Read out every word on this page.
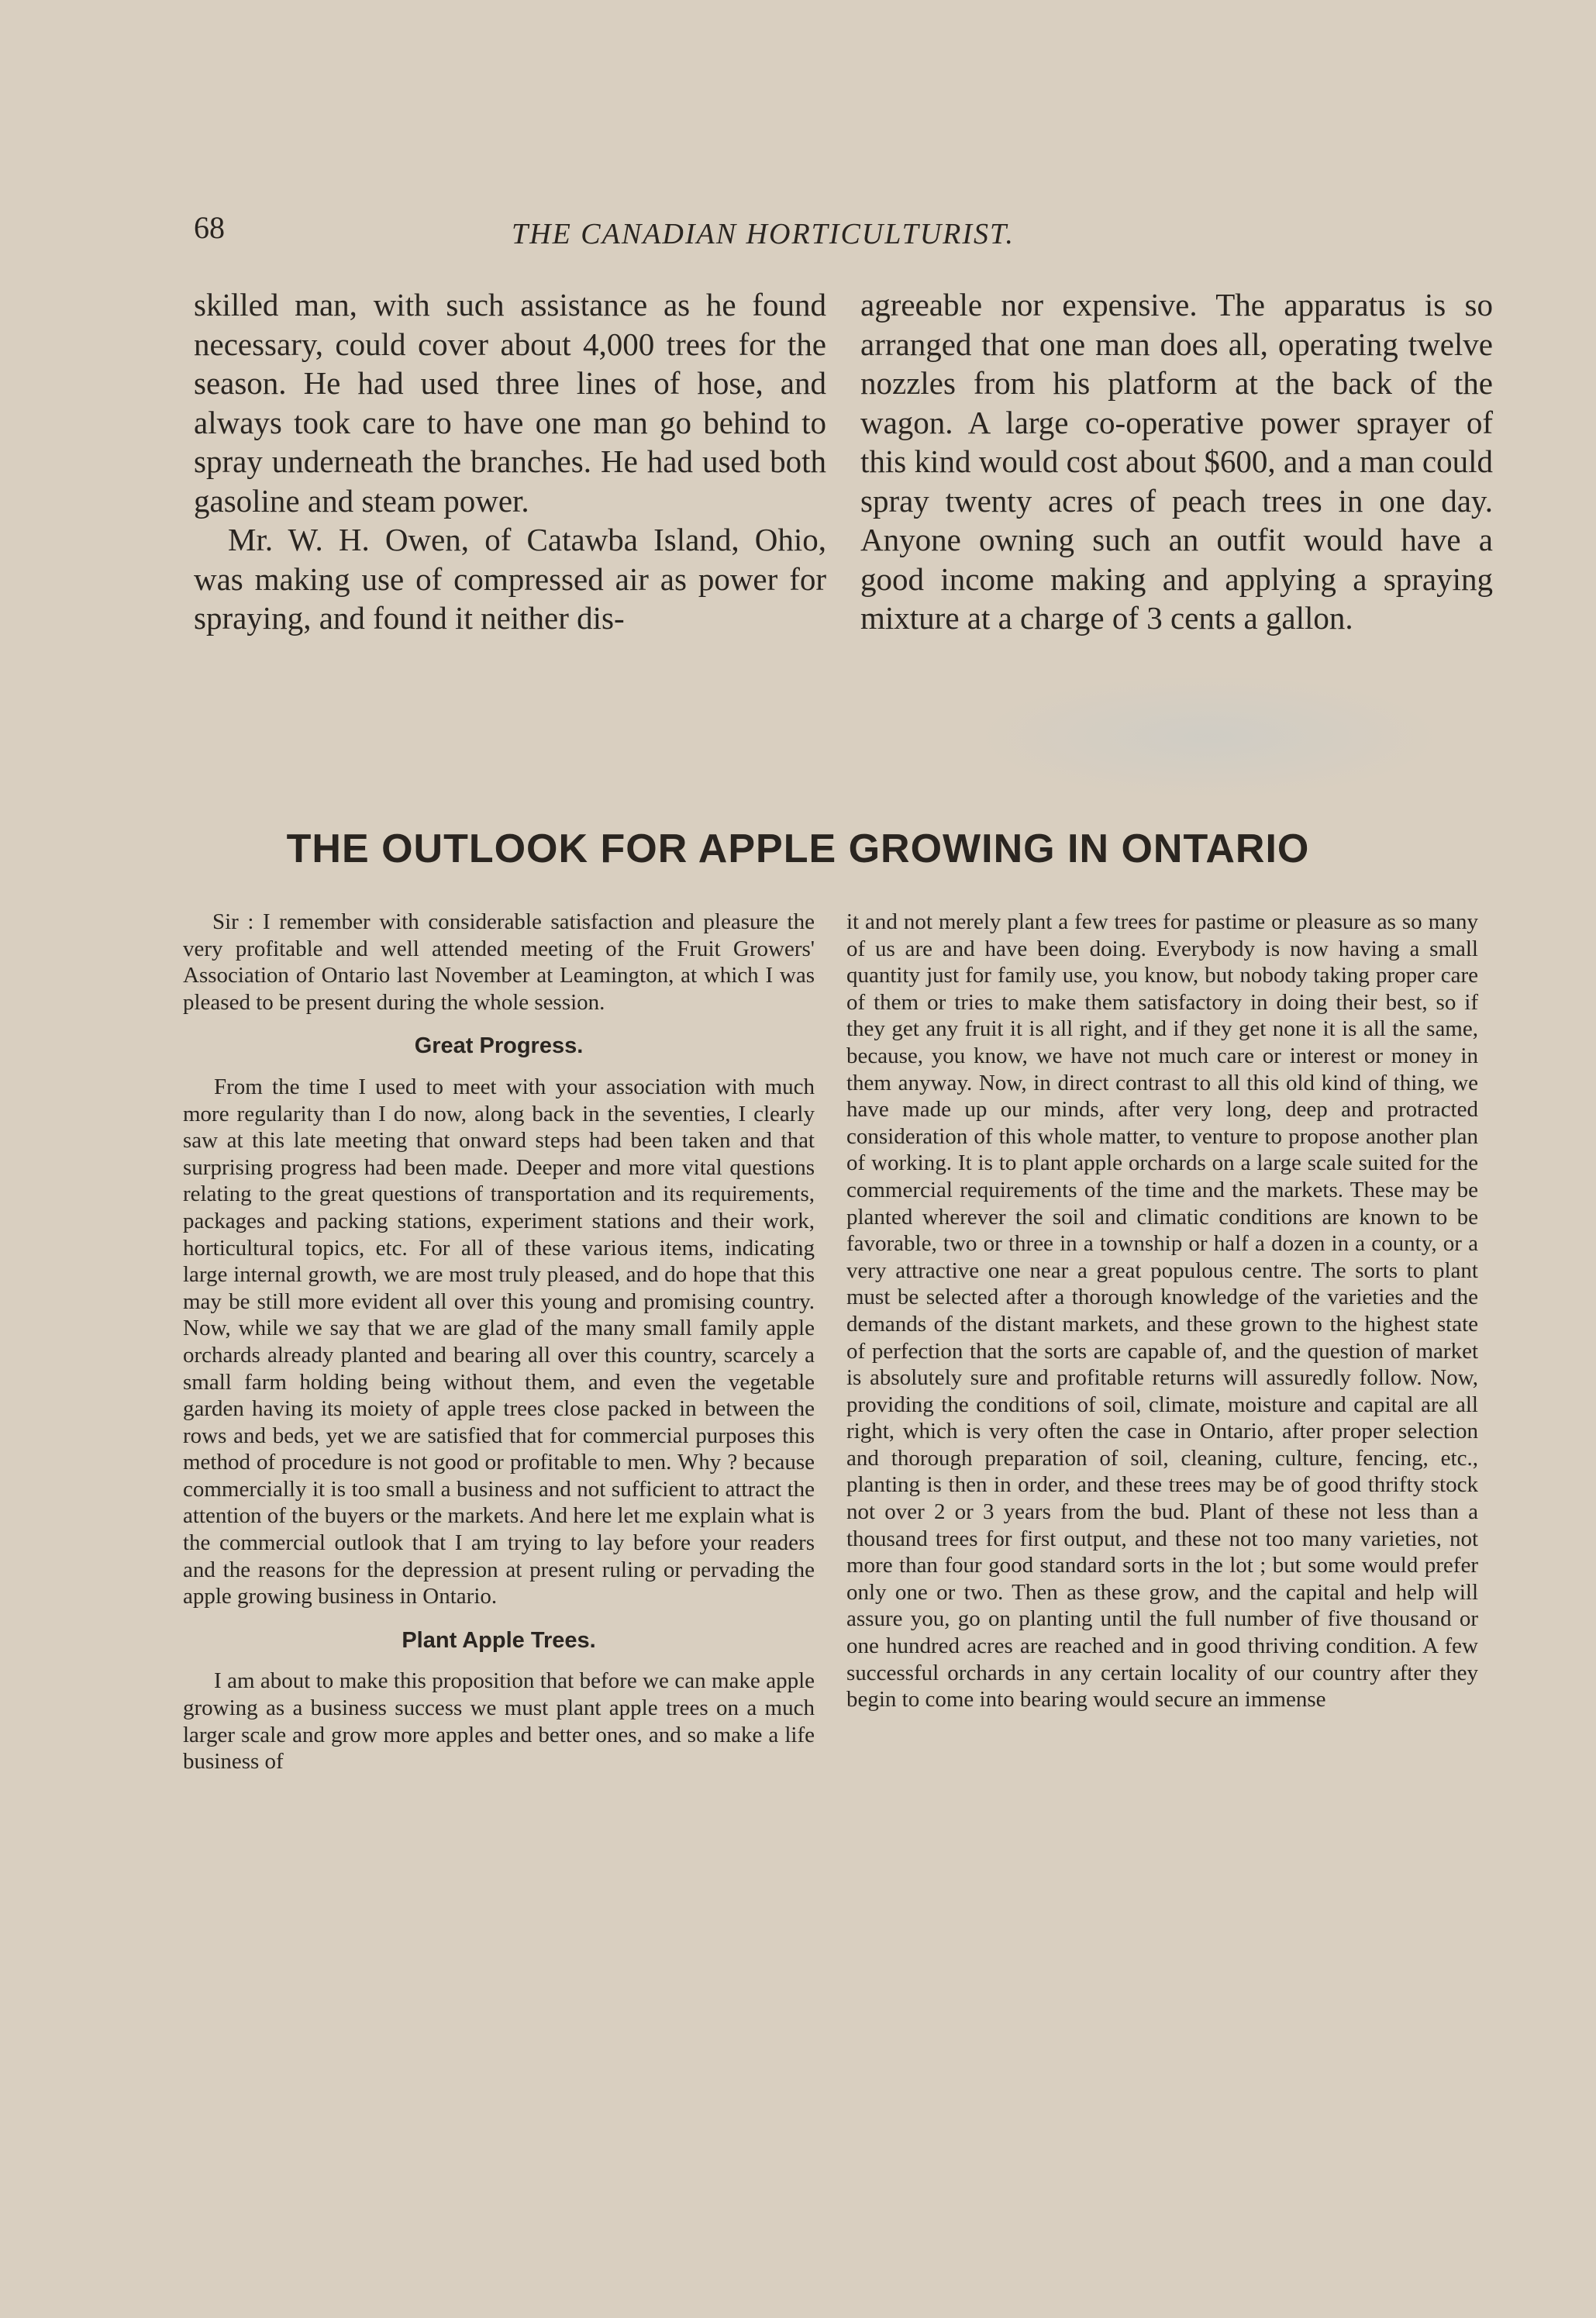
68	THE CANADIAN HORTICULTURIST.

skilled man, with such assistance as he found necessary, could cover about 4,000 trees for the season. He had used three lines of hose, and always took care to have one man go behind to spray underneath the branches. He had used both gasoline and steam power.

Mr. W. H. Owen, of Catawba Island, Ohio, was making use of compressed air as power for spraying, and found it neither dis-

agreeable nor expensive. The apparatus is so arranged that one man does all, operating twelve nozzles from his platform at the back of the wagon. A large co-operative power sprayer of this kind would cost about $600, and a man could spray twenty acres of peach trees in one day. Anyone owning such an outfit would have a good income making and applying a spraying mixture at a charge of 3 cents a gallon.

THE OUTLOOK FOR APPLE GROWING IN ONTARIO

Sir : I remember with considerable satisfaction and pleasure the very profitable and well attended meeting of the Fruit Growers' Association of Ontario last November at Leamington, at which I was pleased to be present during the whole session.

Great Progress.

From the time I used to meet with your association with much more regularity than I do now, along back in the seventies, I clearly saw at this late meeting that onward steps had been taken and that surprising progress had been made. Deeper and more vital questions relating to the great questions of transportation and its requirements, packages and packing stations, experiment stations and their work, horticultural topics, etc. For all of these various items, indicating large internal growth, we are most truly pleased, and do hope that this may be still more evident all over this young and promising country. Now, while we say that we are glad of the many small family apple orchards already planted and bearing all over this country, scarcely a small farm holding being without them, and even the vegetable garden having its moiety of apple trees close packed in between the rows and beds, yet we are satisfied that for commercial purposes this method of procedure is not good or profitable to men. Why ? because commercially it is too small a business and not sufficient to attract the attention of the buyers or the markets. And here let me explain what is the commercial outlook that I am trying to lay before your readers and the reasons for the depression at present ruling or pervading the apple growing business in Ontario.

Plant Apple Trees.

I am about to make this proposition that before we can make apple growing as a business success we must plant apple trees on a much larger scale and grow more apples and better ones, and so make a life business of

it and not merely plant a few trees for pastime or pleasure as so many of us are and have been doing. Everybody is now having a small quantity just for family use, you know, but nobody taking proper care of them or tries to make them satisfactory in doing their best, so if they get any fruit it is all right, and if they get none it is all the same, because, you know, we have not much care or interest or money in them anyway. Now, in direct contrast to all this old kind of thing, we have made up our minds, after very long, deep and protracted consideration of this whole matter, to venture to propose another plan of working. It is to plant apple orchards on a large scale suited for the commercial requirements of the time and the markets. These may be planted wherever the soil and climatic conditions are known to be favorable, two or three in a township or half a dozen in a county, or a very attractive one near a great populous centre. The sorts to plant must be selected after a thorough knowledge of the varieties and the demands of the distant markets, and these grown to the highest state of perfection that the sorts are capable of, and the question of market is absolutely sure and profitable returns will assuredly follow. Now, providing the conditions of soil, climate, moisture and capital are all right, which is very often the case in Ontario, after proper selection and thorough preparation of soil, cleaning, culture, fencing, etc., planting is then in order, and these trees may be of good thrifty stock not over 2 or 3 years from the bud. Plant of these not less than a thousand trees for first output, and these not too many varieties, not more than four good standard sorts in the lot ; but some would prefer only one or two. Then as these grow, and the capital and help will assure you, go on planting until the full number of five thousand or one hundred acres are reached and in good thriving condition. A few successful orchards in any certain locality of our country after they begin to come into bearing would secure an immense
